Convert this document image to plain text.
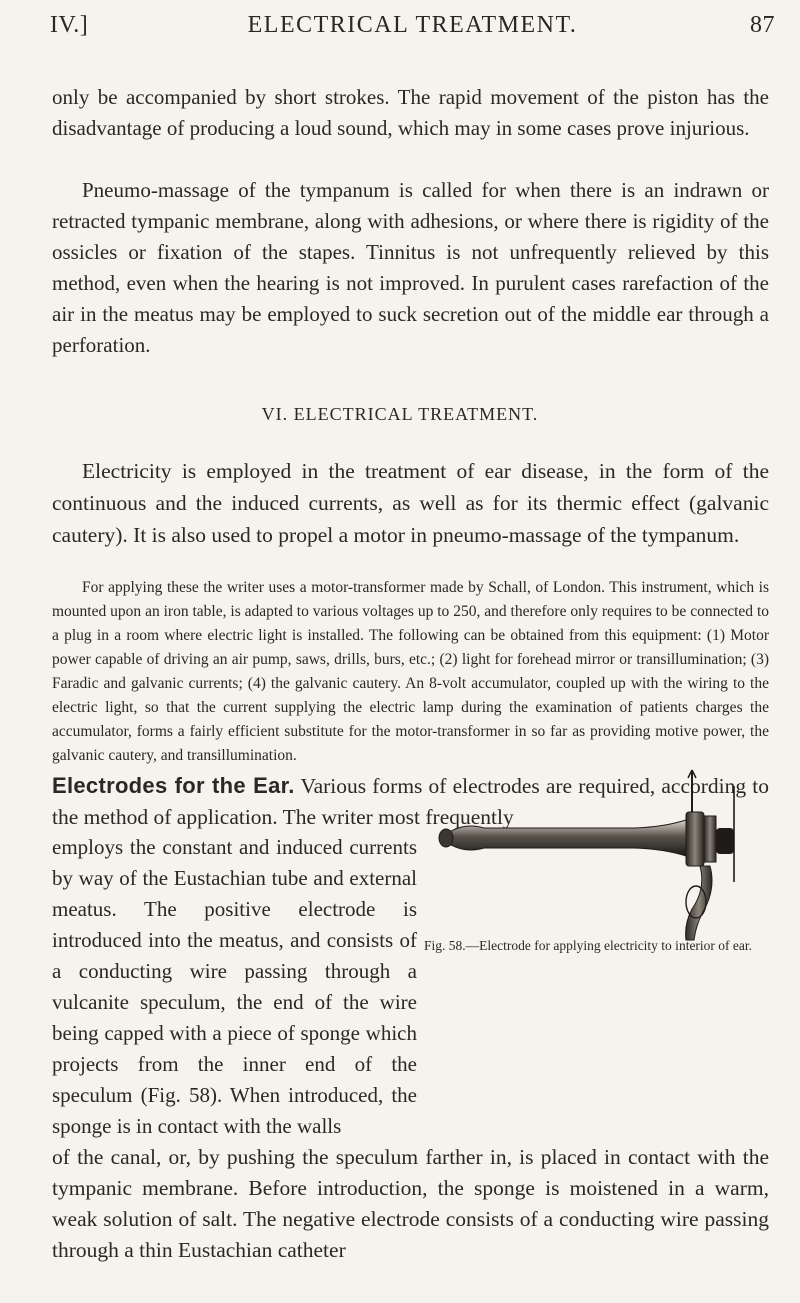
IV.]	ELECTRICAL TREATMENT.	87
only be accompanied by short strokes. The rapid movement of the piston has the disadvantage of producing a loud sound, which may in some cases prove injurious.
Pneumo-massage of the tympanum is called for when there is an indrawn or retracted tympanic membrane, along with adhesions, or where there is rigidity of the ossicles or fixation of the stapes. Tinnitus is not unfrequently relieved by this method, even when the hearing is not improved. In purulent cases rarefaction of the air in the meatus may be employed to suck secretion out of the middle ear through a perforation.
VI. ELECTRICAL TREATMENT.
Electricity is employed in the treatment of ear disease, in the form of the continuous and the induced currents, as well as for its thermic effect (galvanic cautery). It is also used to propel a motor in pneumo-massage of the tympanum.
For applying these the writer uses a motor-transformer made by Schall, of London. This instrument, which is mounted upon an iron table, is adapted to various voltages up to 250, and therefore only requires to be connected to a plug in a room where electric light is installed. The following can be obtained from this equipment: (1) Motor power capable of driving an air pump, saws, drills, burs, etc.; (2) light for forehead mirror or transillumination; (3) Faradic and galvanic currents; (4) the galvanic cautery. An 8-volt accumulator, coupled up with the wiring to the electric light, so that the current supplying the electric lamp during the examination of patients charges the accumulator, forms a fairly efficient substitute for the motor-transformer in so far as providing motive power, the galvanic cautery, and transillumination.
Electrodes for the Ear. Various forms of electrodes are required, according to the method of application. The writer most frequently
employs the constant and induced currents by way of the Eustachian tube and external meatus. The positive electrode is introduced into the meatus, and consists of a conducting wire passing through a vulcanite speculum, the end of the wire being capped with a piece of sponge which projects from the inner end of the speculum (Fig. 58). When introduced, the sponge is in contact with the walls
Fig. 58.—Electrode for applying electricity to interior of ear.
of the canal, or, by pushing the speculum farther in, is placed in contact with the tympanic membrane. Before introduction, the sponge is moistened in a warm, weak solution of salt. The negative electrode consists of a conducting wire passing through a thin Eustachian catheter
